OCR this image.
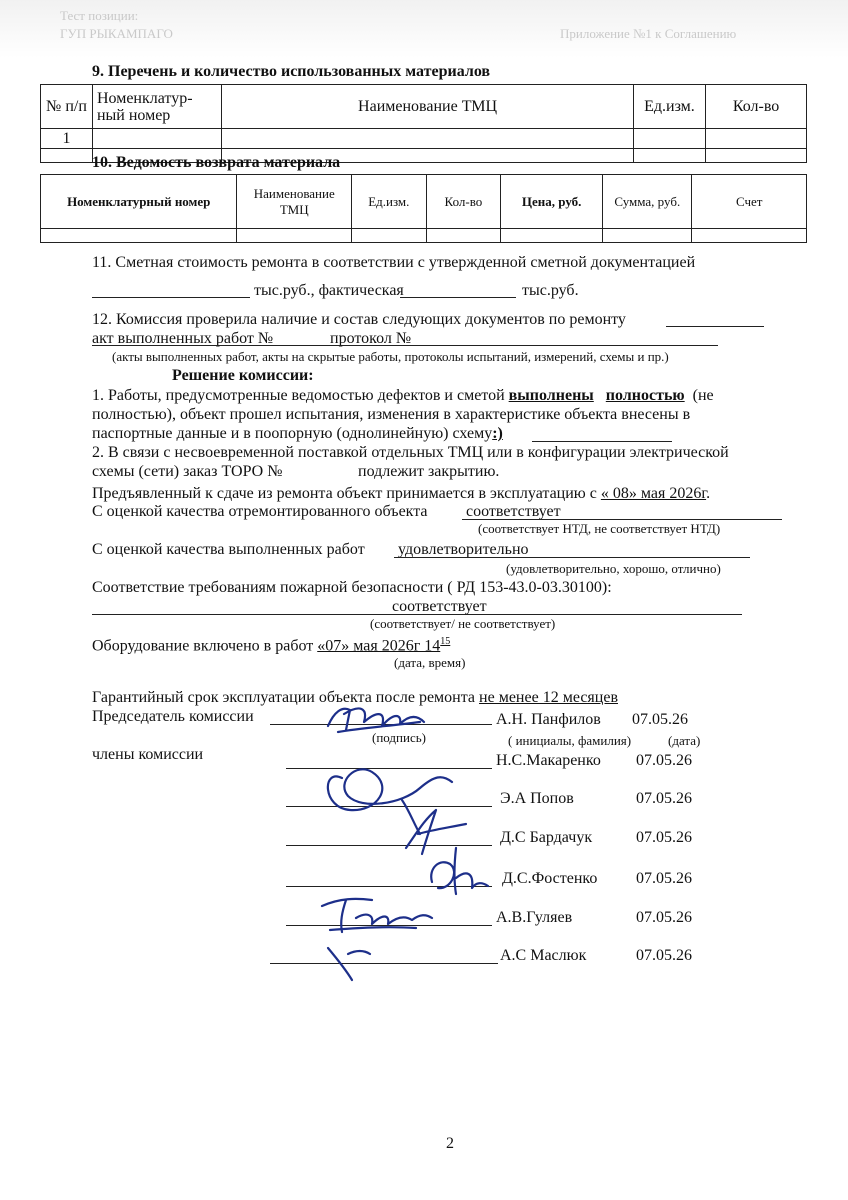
Тест позиции:
ГУП РЫКАМПАГО	Приложение №1 к Соглашению
9. Перечень и количество использованных материалов
№ п/п	Номенклатур-ный номер	Наименование ТМЦ	Ед.изм.	Кол-во
1				

10. Ведомость возврата материала
Номенклатурный номер	Наименование ТМЦ	Ед.изм.	Кол-во	Цена, руб.	Сумма, руб.	Счет

11. Сметная стоимость ремонта в соответствии с утвержденной сметной документацией
тыс.руб., фактическая	тыс.руб.
12. Комиссия проверила наличие и состав следующих документов по ремонту
акт выполненных работ №	протокол №
(акты выполненных работ, акты на скрытые работы, протоколы испытаний, измерений, схемы и пр.)
Решение комиссии:
1. Работы, предусмотренные ведомостью дефектов и сметой выполнены полностью (не
полностью), объект прошел испытания, изменения в характеристике объекта внесены в
паспортные данные и в поопорную (однолинейную) схему:)
2. В связи с несвоевременной поставкой отдельных ТМЦ или в конфигурации электрической
схемы (сети) заказ ТОРО №	подлежит закрытию.
Предъявленный к сдаче из ремонта объект принимается в эксплуатацию с « 08» мая 2026г.
С оценкой качества отремонтированного объекта соответствует
(соответствует НТД, не соответствует НТД)
С оценкой качества выполненных работ удовлетворительно
(удовлетворительно, хорошо, отлично)
Соответствие требованиям пожарной безопасности ( РД 153-43.0-03.30100):
соответствует
(соответствует/ не соответствует)
Оборудование включено в работ «07» мая 2026г $14^{15}$
(дата, время)
Гарантийный срок эксплуатации объекта после ремонта не менее 12 месяцев
Председатель комиссии	А.Н. Панфилов 07.05.26
(подпись)	( инициалы, фамилия)	(дата)
члены комиссии	Н.С.Макаренко 07.05.26
Э.А Попов	07.05.26
Д.С Бардачук	07.05.26
Д.С.Фостенко 07.05.26
А.В.Гуляев	07.05.26
А.С Маслюк	07.05.26
2
